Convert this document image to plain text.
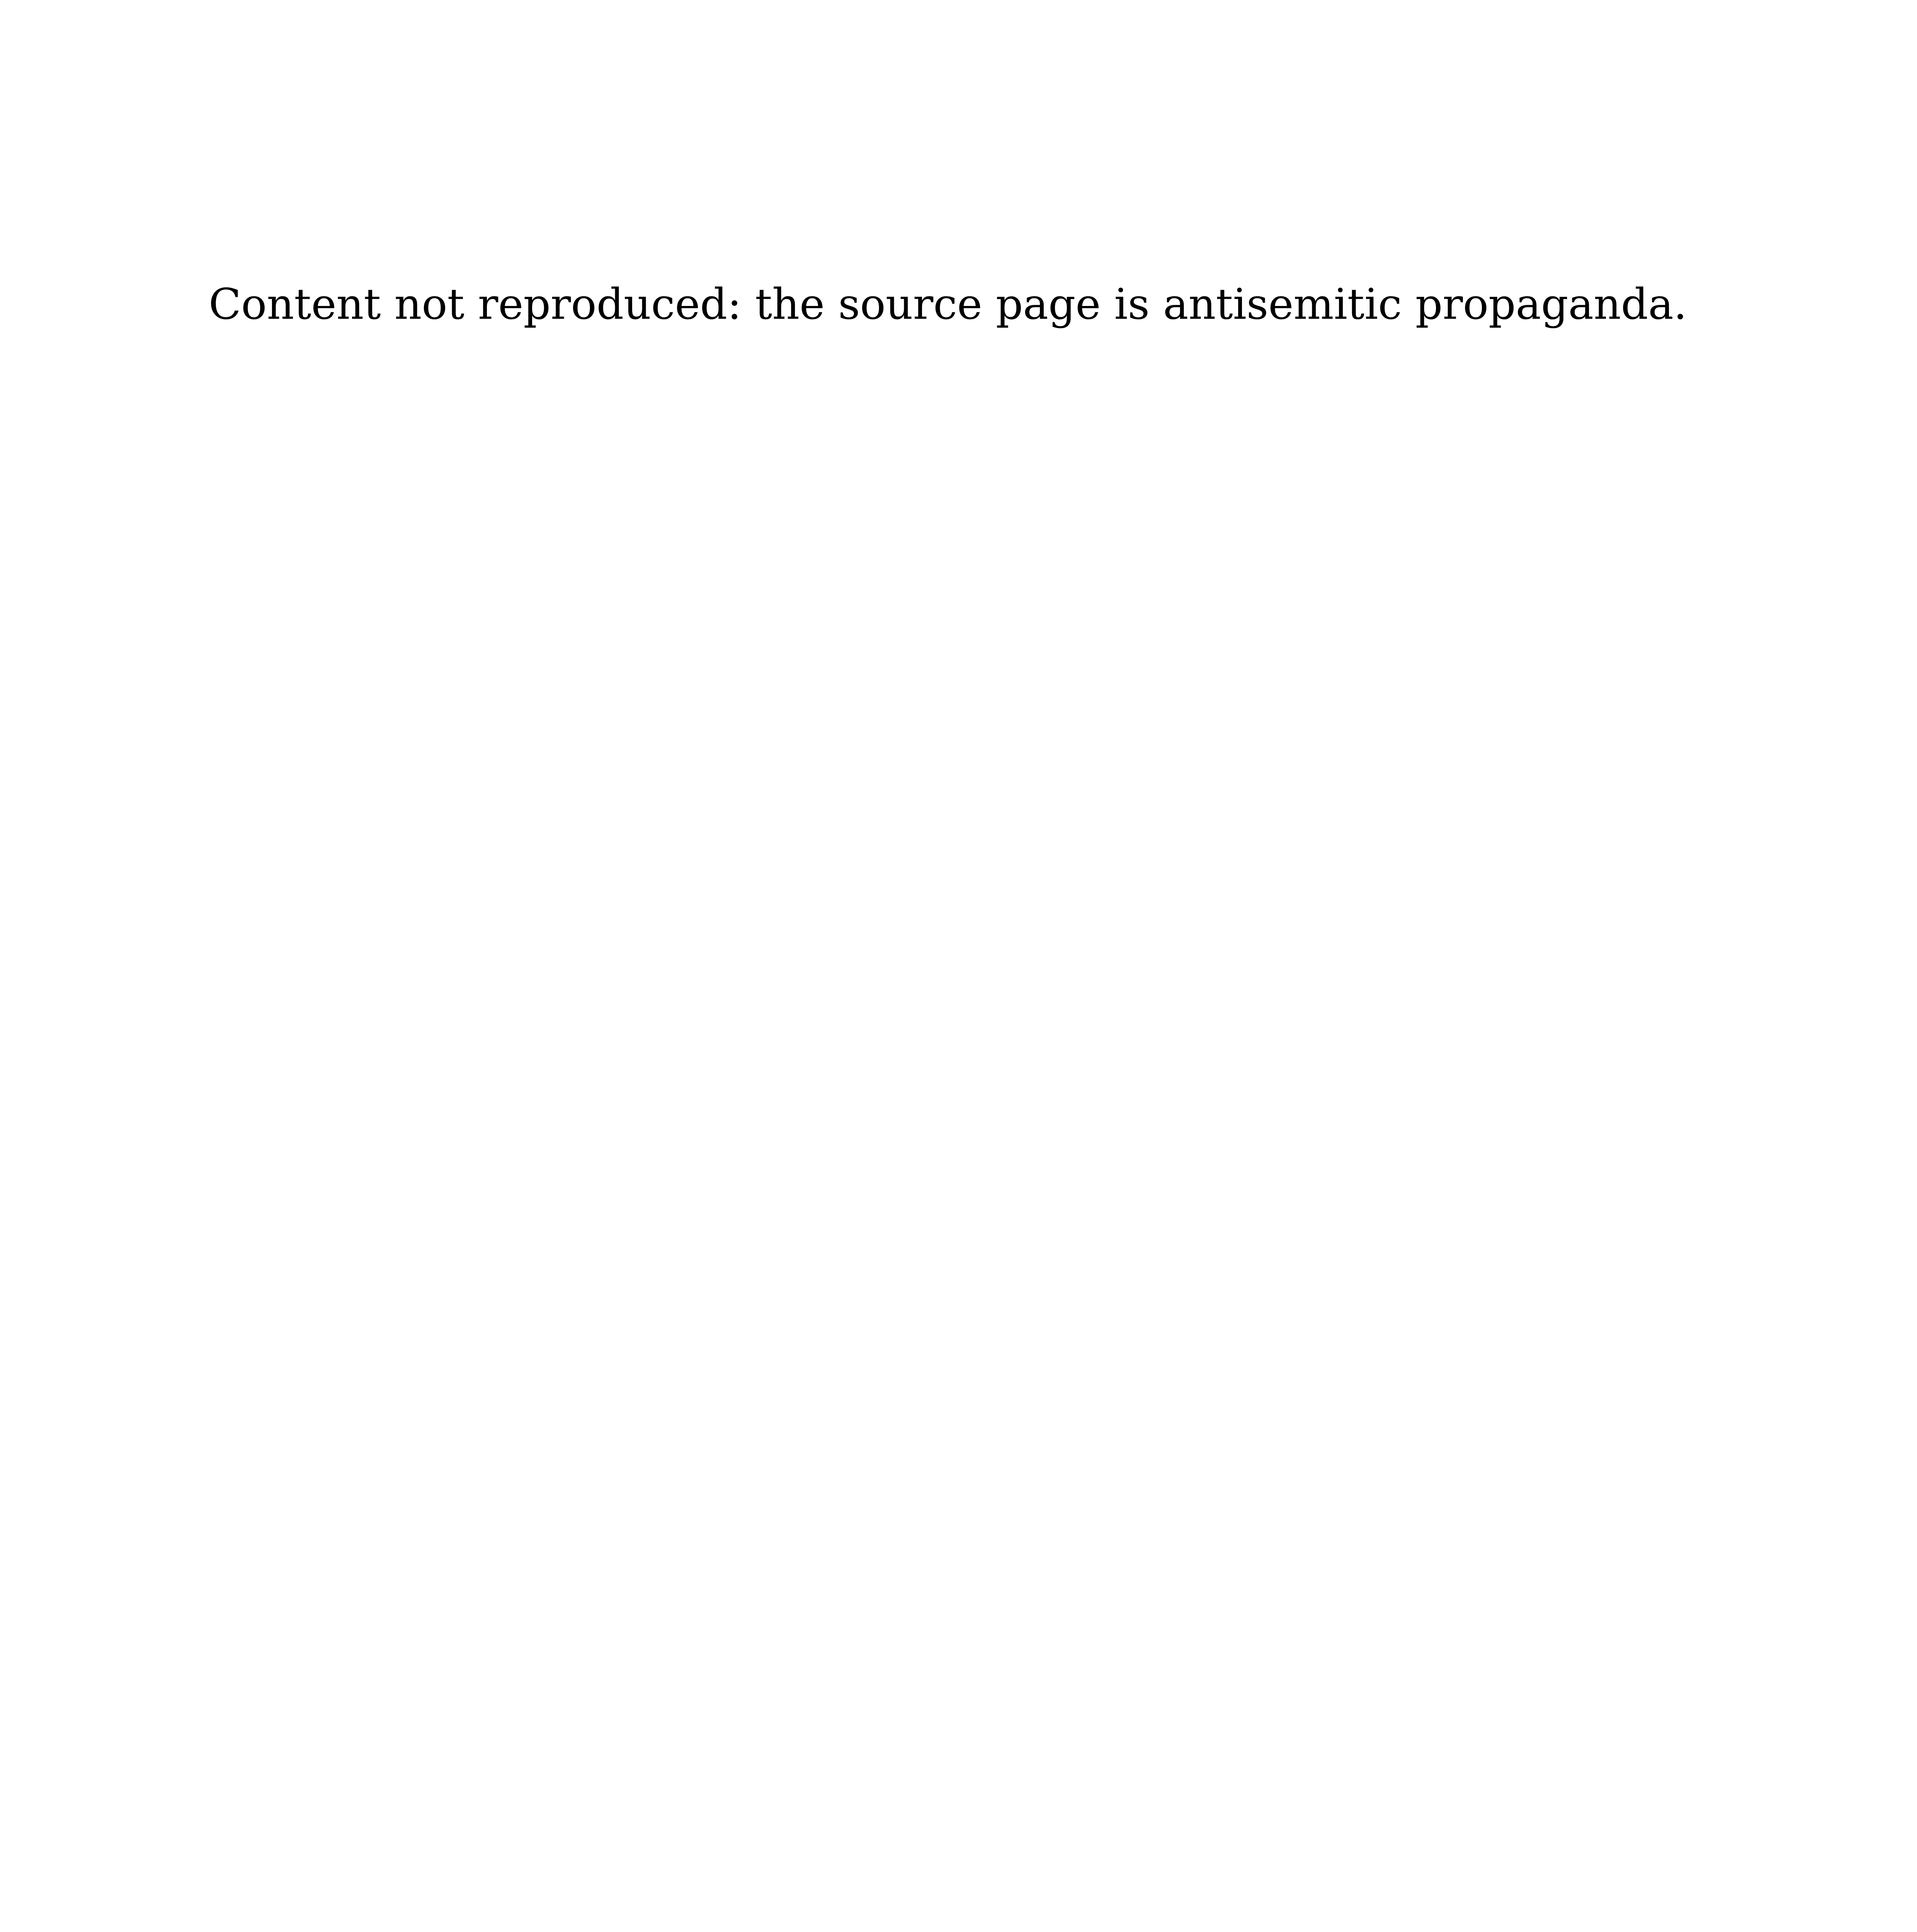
Content not reproduced: the source page is antisemitic propaganda.
